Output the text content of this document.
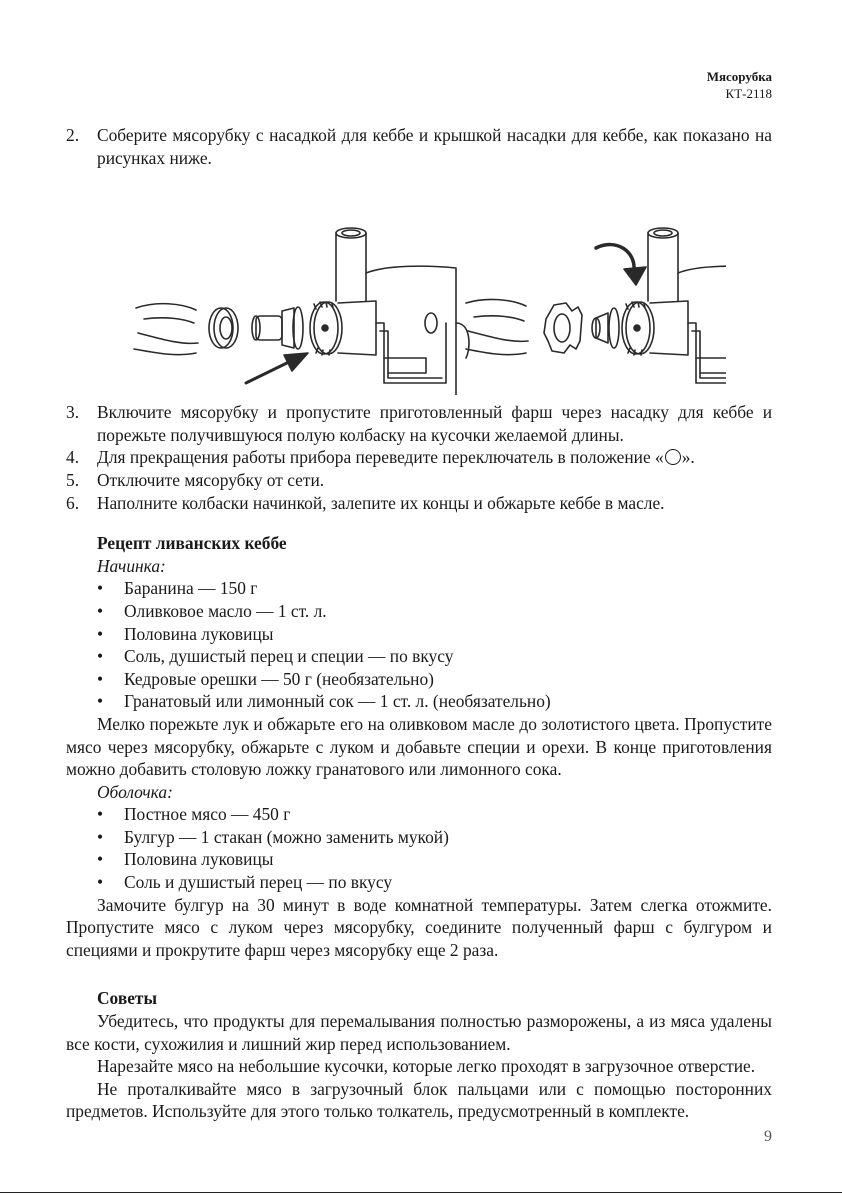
Мясорубка
КТ-2118
2.	Соберите мясорубку с насадкой для кеббе и крышкой насадки для кеббе, как показано на рисунках ниже.
3.	Включите мясорубку и пропустите приготовленный фарш через насадку для кеббе и порежьте получившуюся полую колбаску на кусочки желаемой длины.
4.	Для прекращения работы прибора переведите переключатель в положение « ».
5.	Отключите мясорубку от сети.
6.	Наполните колбаски начинкой, залепите их концы и обжарьте кеббе в масле.
Рецепт ливанских кеббе
Начинка:
•	Баранина — 150 г
•	Оливковое масло — 1 ст. л.
•	Половина луковицы
•	Соль, душистый перец и специи — по вкусу
•	Кедровые орешки — 50 г (необязательно)
•	Гранатовый или лимонный сок — 1 ст. л. (необязательно)
Мелко порежьте лук и обжарьте его на оливковом масле до золотистого цвета. Пропустите мясо через мясорубку, обжарьте с луком и добавьте специи и орехи. В конце приготовления можно добавить столовую ложку гранатового или лимонного сока.
Оболочка:
•	Постное мясо — 450 г
•	Булгур — 1 стакан (можно заменить мукой)
•	Половина луковицы
•	Соль и душистый перец — по вкусу
Замочите булгур на 30 минут в воде комнатной температуры. Затем слегка отожмите. Пропустите мясо с луком через мясорубку, соедините полученный фарш с булгуром и специями и прокрутите фарш через мясорубку еще 2 раза.
Советы
Убедитесь, что продукты для перемалывания полностью разморожены, а из мяса удалены все кости, сухожилия и лишний жир перед использованием.
Нарезайте мясо на небольшие кусочки, которые легко проходят в загрузочное отверстие.
Не проталкивайте мясо в загрузочный блок пальцами или с помощью посторонних предметов. Используйте для этого только толкатель, предусмотренный в комплекте.
9
